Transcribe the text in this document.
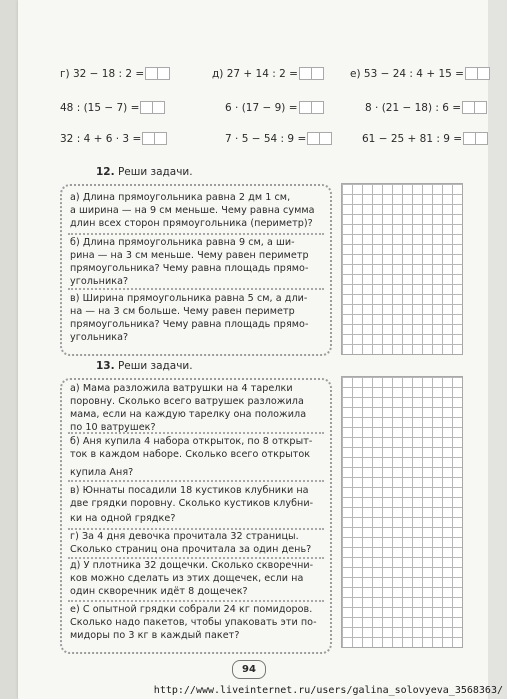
г) 32 − 18 : 2 =	д) 27 + 14 : 2 =	е) 53 − 24 : 4 + 15 =
48 : (15 − 7) =	6 · (17 − 9) =	8 · (21 − 18) : 6 =
32 : 4 + 6 · 3 =	7 · 5 − 54 : 9 =	61 − 25 + 81 : 9 =
12. Реши задачи.
а) Длина прямоугольника равна 2 дм 1 см,
а ширина — на 9 см меньше. Чему равна сумма
длин всех сторон прямоугольника (периметр)?
б) Длина прямоугольника равна 9 см, а ши-
рина — на 3 см меньше. Чему равен периметр
прямоугольника? Чему равна площадь прямо-
угольника?
в) Ширина прямоугольника равна 5 см, а дли-
на — на 3 см больше. Чему равен периметр
прямоугольника? Чему равна площадь прямо-
угольника?
13. Реши задачи.
а) Мама разложила ватрушки на 4 тарелки
поровну. Сколько всего ватрушек разложила
мама, если на каждую тарелку она положила
по 10 ватрушек?
б) Аня купила 4 набора открыток, по 8 открыт-
ток в каждом наборе. Сколько всего открыток
купила Аня?
в) Юннаты посадили 18 кустиков клубники на
две грядки поровну. Сколько кустиков клубни-
ки на одной грядке?
г) За 4 дня девочка прочитала 32 страницы.
Сколько страниц она прочитала за один день?
д) У плотника 32 дощечки. Сколько скворечни-
ков можно сделать из этих дощечек, если на
один скворечник идёт 8 дощечек?
е) С опытной грядки собрали 24 кг помидоров.
Сколько надо пакетов, чтобы упаковать эти по-
мидоры по 3 кг в каждый пакет?
94
http://www.liveinternet.ru/users/galina_solovyeva_3568363/
